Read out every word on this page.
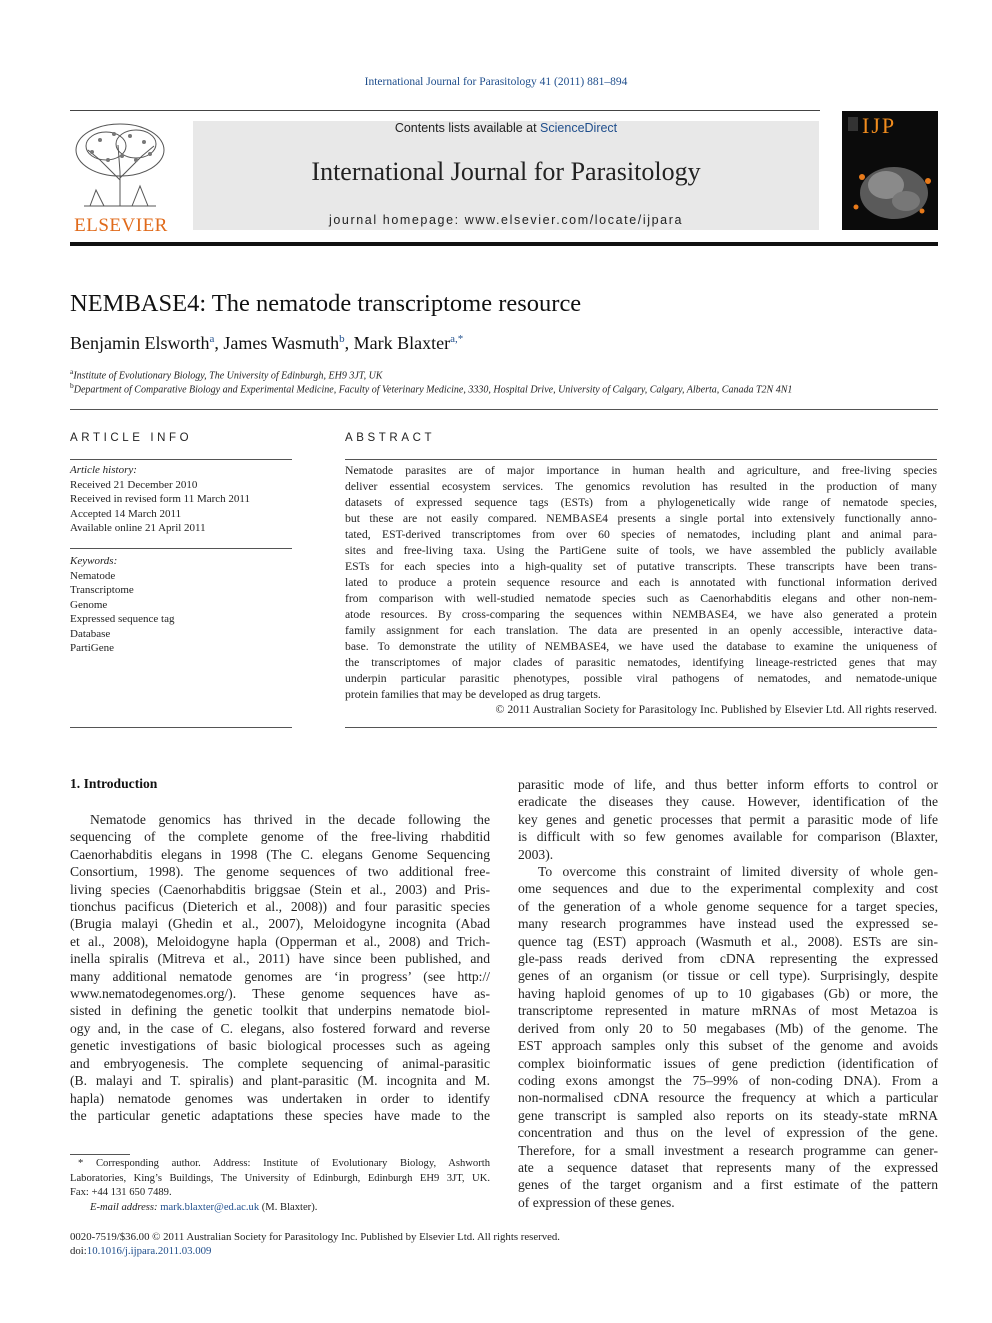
International Journal for Parasitology 41 (2011) 881–894
ELSEVIER
Contents lists available at ScienceDirect
International Journal for Parasitology
journal homepage: www.elsevier.com/locate/ijpara
IJP
NEMBASE4: The nematode transcriptome resource
Benjamin Elsworth$^a$, James Wasmuth$^b$, Mark Blaxter$^{a,*}$
$^a$Institute of Evolutionary Biology, The University of Edinburgh, EH9 3JT, UK
$^b$Department of Comparative Biology and Experimental Medicine, Faculty of Veterinary Medicine, 3330, Hospital Drive, University of Calgary, Calgary, Alberta, Canada T2N 4N1
ARTICLE INFO
Article history:
Received 21 December 2010
Received in revised form 11 March 2011
Accepted 14 March 2011
Available online 21 April 2011
Keywords:
Nematode
Transcriptome
Genome
Expressed sequence tag
Database
PartiGene
ABSTRACT
Nematode parasites are of major importance in human health and agriculture, and free-living species
deliver essential ecosystem services. The genomics revolution has resulted in the production of many
datasets of expressed sequence tags (ESTs) from a phylogenetically wide range of nematode species,
but these are not easily compared. NEMBASE4 presents a single portal into extensively functionally anno-
tated, EST-derived transcriptomes from over 60 species of nematodes, including plant and animal para-
sites and free-living taxa. Using the PartiGene suite of tools, we have assembled the publicly available
ESTs for each species into a high-quality set of putative transcripts. These transcripts have been trans-
lated to produce a protein sequence resource and each is annotated with functional information derived
from comparison with well-studied nematode species such as Caenorhabditis elegans and other non-nem-
atode resources. By cross-comparing the sequences within NEMBASE4, we have also generated a protein
family assignment for each translation. The data are presented in an openly accessible, interactive data-
base. To demonstrate the utility of NEMBASE4, we have used the database to examine the uniqueness of
the transcriptomes of major clades of parasitic nematodes, identifying lineage-restricted genes that may
underpin particular parasitic phenotypes, possible viral pathogens of nematodes, and nematode-unique
protein families that may be developed as drug targets.
© 2011 Australian Society for Parasitology Inc. Published by Elsevier Ltd. All rights reserved.
1. Introduction

Nematode genomics has thrived in the decade following the

sequencing of the complete genome of the free-living rhabditid

Caenorhabditis elegans in 1998 (The C. elegans Genome Sequencing

Consortium, 1998). The genome sequences of two additional free-

living species (Caenorhabditis briggsae (Stein et al., 2003) and Pris-

tionchus pacificus (Dieterich et al., 2008)) and four parasitic species

(Brugia malayi (Ghedin et al., 2007), Meloidogyne incognita (Abad

et al., 2008), Meloidogyne hapla (Opperman et al., 2008) and Trich-

inella spiralis (Mitreva et al., 2011) have since been published, and

many additional nematode genomes are ‘in progress’ (see http://

www.nematodegenomes.org/). These genome sequences have as-

sisted in defining the genetic toolkit that underpins nematode biol-

ogy and, in the case of C. elegans, also fostered forward and reverse

genetic investigations of basic biological processes such as ageing

and embryogenesis. The complete sequencing of animal-parasitic

(B. malayi and T. spiralis) and plant-parasitic (M. incognita and M.

hapla) nematode genomes was undertaken in order to identify

the particular genetic adaptations these species have made to the

parasitic mode of life, and thus better inform efforts to control or

eradicate the diseases they cause. However, identification of the

key genes and genetic processes that permit a parasitic mode of life

is difficult with so few genomes available for comparison (Blaxter,

2003).

To overcome this constraint of limited diversity of whole gen-

ome sequences and due to the experimental complexity and cost

of the generation of a whole genome sequence for a target species,

many research programmes have instead used the expressed se-

quence tag (EST) approach (Wasmuth et al., 2008). ESTs are sin-

gle-pass reads derived from cDNA representing the expressed

genes of an organism (or tissue or cell type). Surprisingly, despite

having haploid genomes of up to 10 gigabases (Gb) or more, the

transcriptome represented in mature mRNAs of most Metazoa is

derived from only 20 to 50 megabases (Mb) of the genome. The

EST approach samples only this subset of the genome and avoids

complex bioinformatic issues of gene prediction (identification of

coding exons amongst the 75–99% of non-coding DNA). From a

non-normalised cDNA resource the frequency at which a particular

gene transcript is sampled also reports on its steady-state mRNA

concentration and thus on the level of expression of the gene.

Therefore, for a small investment a research programme can gener-

ate a sequence dataset that represents many of the expressed

genes of the target organism and a first estimate of the pattern

of expression of these genes.

* Corresponding author. Address: Institute of Evolutionary Biology, Ashworth
Laboratories, King’s Buildings, The University of Edinburgh, Edinburgh EH9 3JT, UK.
Fax: +44 131 650 7489.
E-mail address: mark.blaxter@ed.ac.uk (M. Blaxter).
0020-7519/$36.00 © 2011 Australian Society for Parasitology Inc. Published by Elsevier Ltd. All rights reserved.
doi:10.1016/j.ijpara.2011.03.009
